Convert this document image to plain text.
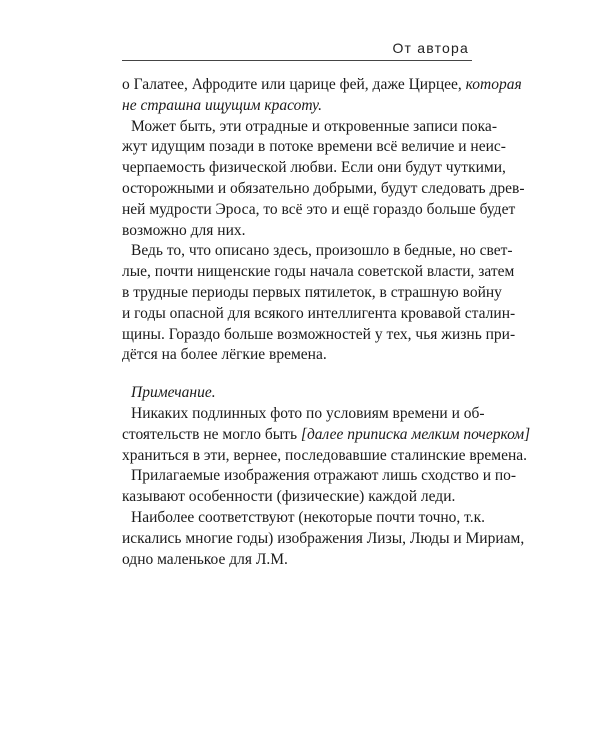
От автора
о Галатее, Афродите или царице фей, даже Цирцее, которая
не страшна ищущим красоту.
Может быть, эти отрадные и откровенные записи пока-
жут идущим позади в потоке времени всё величие и неис-
черпаемость физической любви. Если они будут чуткими,
осторожными и обязательно добрыми, будут следовать древ-
ней мудрости Эроса, то всё это и ещё гораздо больше будет
возможно для них.
Ведь то, что описано здесь, произошло в бедные, но свет-
лые, почти нищенские годы начала советской власти, затем
в трудные периоды первых пятилеток, в страшную войну
и годы опасной для всякого интеллигента кровавой сталин-
щины. Гораздо больше возможностей у тех, чья жизнь при-
дётся на более лёгкие времена.
Примечание.
Никаких подлинных фото по условиям времени и об-
стоятельств не могло быть [далее приписка мелким почерком]
храниться в эти, вернее, последовавшие сталинские времена.
Прилагаемые изображения отражают лишь сходство и по-
казывают особенности (физические) каждой леди.
Наиболее соответствуют (некоторые почти точно, т.к.
искались многие годы) изображения Лизы, Люды и Мириам,
одно маленькое для Л.М.
